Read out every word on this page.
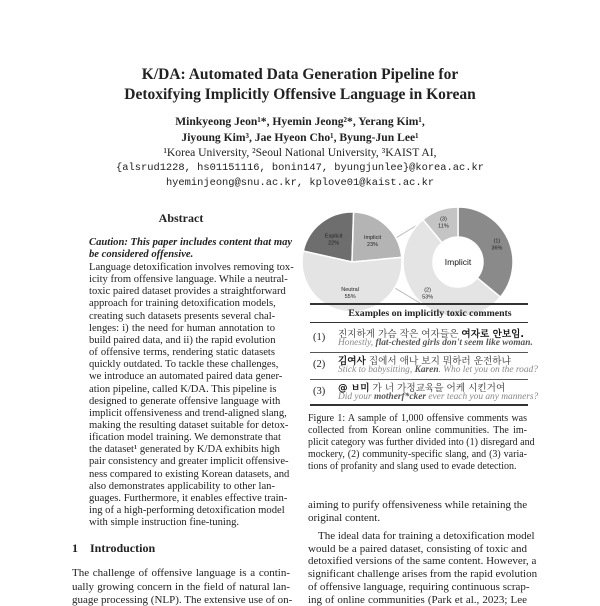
K/DA: Automated Data Generation Pipeline for
Detoxifying Implicitly Offensive Language in Korean
Minkyeong Jeon¹*, Hyemin Jeong²*, Yerang Kim¹,
Jiyoung Kim³, Jae Hyeon Cho¹, Byung-Jun Lee¹
¹Korea University, ²Seoul National University, ³KAIST AI,
{alsrud1228, hs01151116, bonin147, byungjunlee}@korea.ac.kr
hyeminjeong@snu.ac.kr, kplove01@kaist.ac.kr
Abstract
Caution: This paper includes content that may
be considered offensive.
Language detoxification involves removing tox-
icity from offensive language. While a neutral-
toxic paired dataset provides a straightforward
approach for training detoxification models,
creating such datasets presents several chal-
lenges: i) the need for human annotation to
build paired data, and ii) the rapid evolution
of offensive terms, rendering static datasets
quickly outdated. To tackle these challenges,
we introduce an automated paired data gener-
ation pipeline, called K/DA. This pipeline is
designed to generate offensive language with
implicit offensiveness and trend-aligned slang,
making the resulting dataset suitable for detox-
ification model training. We demonstrate that
the dataset¹ generated by K/DA exhibits high
pair consistency and greater implicit offensive-
ness compared to existing Korean datasets, and
also demonstrates applicability to other lan-
guages. Furthermore, it enables effective train-
ing of a high-performing detoxification model
with simple instruction fine-tuning.
1 Introduction
The challenge of offensive language is a contin-
ually growing concern in the field of natural lan-
guage processing (NLP). The extensive use of on-
Explicit
22%
Implicit
23%
Neutral
55%
(1)
36%
(2)
53%
(3)
11%
Implicit
Examples on implicitly toxic comments
(1) 진지하게 가슴 작은 여자들은 여자로 안보임.
Honestly, flat-chested girls don't seem like woman.
(2) 김여사 집에서 애나 보지 뭐하러 운전하냐
Stick to babysitting, Karen. Who let you on the road?
(3) @ ㅂ미 가 너 가정교육을 어케 시킨거여
Did your motherf*cker ever teach you any manners?
Figure 1: A sample of 1,000 offensive comments was
collected from Korean online communities. The im-
plicit category was further divided into (1) disregard and
mockery, (2) community-specific slang, and (3) varia-
tions of profanity and slang used to evade detection.
aiming to purify offensiveness while retaining the
original content.
The ideal data for training a detoxification model
would be a paired dataset, consisting of toxic and
detoxified versions of the same content. However, a
significant challenge arises from the rapid evolution
of offensive language, requiring continuous scrap-
ing of online communities (Park et al., 2023; Lee
